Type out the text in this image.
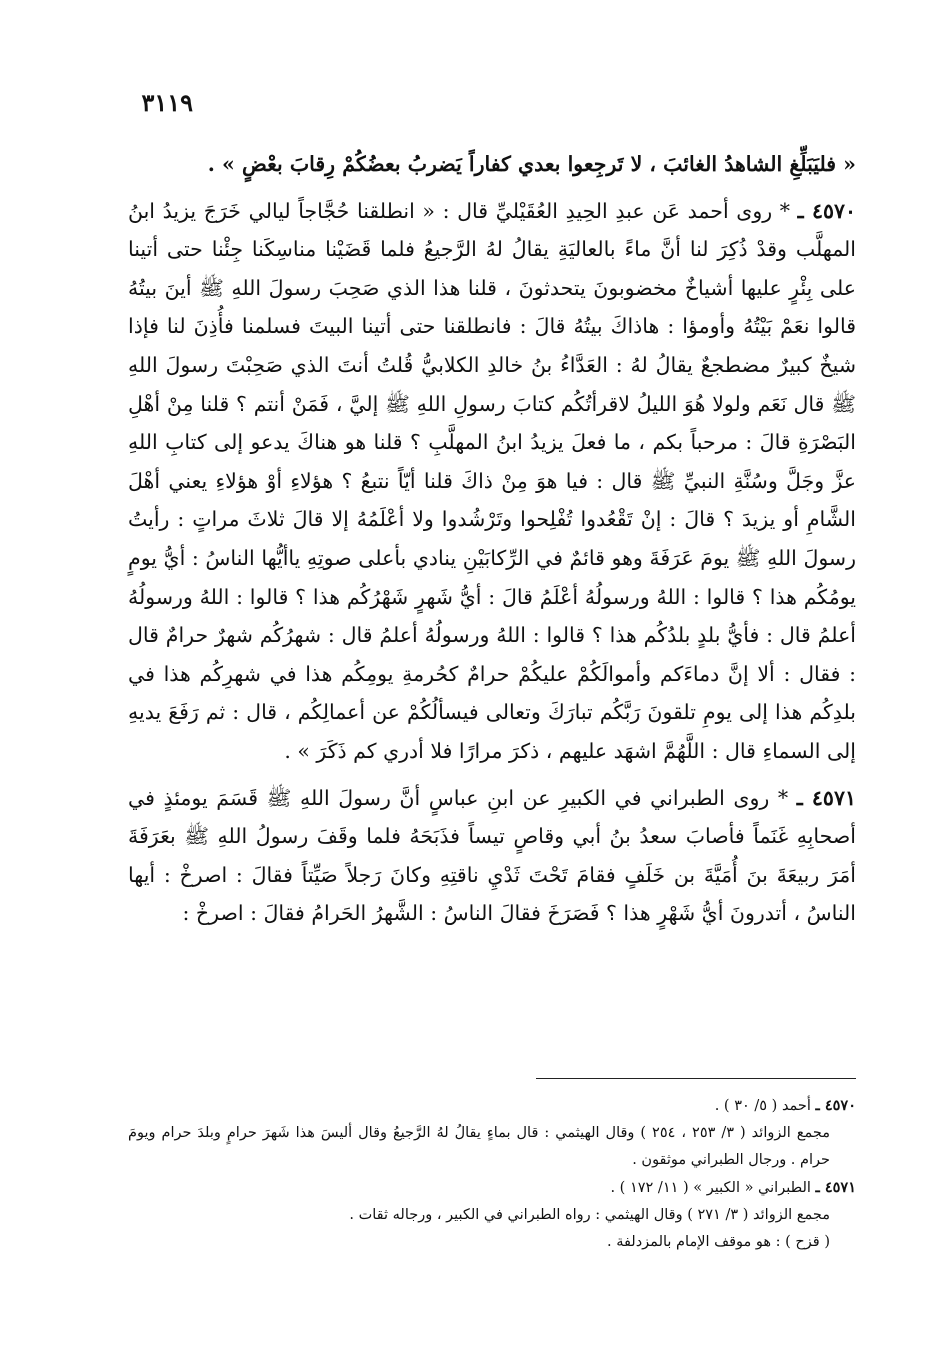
٣١١٩

« فليَبَلِّغِ الشاهدُ الغائبَ ، لا تَرجِعوا بعدي كفاراً يَضربُ بعضُكُمْ رِقابَ بعْضٍ » .

٤٥٧٠ ـ * روى أحمد عَن عبدِ الحِيدِ العُقَيْليِّ قال : « انطلقنا حُجَّاجاً ليالي خَرَجَ يزيدُ ابنُ المهلَّب وقدْ ذُكِرَ لنا أنَّ ماءً بالعاليَةِ يقالُ لهُ الرَّجيعُ فلما قَضَيْنا مناسِكَنا جِئْنا حتى أتينا على بِئْرٍ عليها أشياخٌ مخضوبونَ يتحدثونَ ، قلنا هذا الذي صَحِبَ رسولَ اللهِ ﷺ أينَ بيتُهُ قالوا نعَمْ بَيْتُهُ وأومؤا : هاذاكَ بيتُهُ قالَ : فانطلقنا حتى أتينا البيتَ فسلمنا فأُذِنَ لنا فإذا شيخٌ كبيرٌ مضطجعٌ يقالُ لهُ : العَدَّاءُ بنُ خالدِ الكلابيُّ قُلتُ أنتَ الذي صَحِبْتَ رسولَ اللهِ ﷺ قال نَعَم ولولا هُوَ الليلُ لاقرأتُكُم كتابَ رسولِ اللهِ ﷺ إليَّ ، فَمَنْ أنتم ؟ قلنا مِنْ أهْلِ البَصْرَةِ قالَ : مرحباً بكم ، ما فعلَ يزيدُ ابنُ المهلَّبِ ؟ قلنا هو هناكَ يدعو إلى كتابِ اللهِ عزَّ وجَلَّ وسُنَّةِ النبيِّ ﷺ قال : فيا هوَ مِنْ ذاكَ قلنا أيّاً نتبعُ ؟ هؤلاءِ أوْ هؤلاءِ يعني أهْلَ الشَّامِ أو يزيدَ ؟ قالَ : إنْ تَقْعُدوا تُفْلِحوا وتَرْشُدوا ولا أعْلَمُهُ إلا قالَ ثلاثَ مراتٍ : رأيتُ رسولَ اللهِ ﷺ يومَ عَرَفَةَ وهو قائمٌ في الرِّكابَيْنِ ينادي بأعلى صوتِهِ ياأيُّها الناسُ : أيُّ يومٍ يومُكُم هذا ؟ قالوا : اللهُ ورسولُهُ أعْلَمُ قالَ : أيُّ شَهرٍ شَهْرُكُم هذا ؟ قالوا : اللهُ ورسولُهُ أعلمُ قال : فأيُّ بلدٍ بلدُكُم هذا ؟ قالوا : اللهُ ورسولُهُ أعلمُ قال : شهرُكُم شهرٌ حرامٌ قال : فقال : ألا إنَّ دماءَكم وأموالَكُمْ عليكُمْ حرامٌ كحُرمةِ يومِكُم هذا في شهرِكُم هذا في بلدِكُم هذا إلى يومِ تلقونَ رَبَّكُم تبارَكَ وتعالى فيسألُكُمْ عن أعمالِكُم ، قال : ثم رَفَعَ يديهِ إلى السماءِ قال : اللَّهُمَّ اشهَد عليهم ، ذكرَ مرارًا فلا أدري كم ذَكَرَ » .

٤٥٧١ ـ * روى الطبراني في الكبيرِ عن ابنِ عباسٍ أنَّ رسولَ اللهِ ﷺ قَسَمَ يومئذٍ في أصحابِهِ غَنَماً فأصابَ سعدُ بنُ أبي وقاصٍ تيساً فذَبَحَهُ فلما وقَفَ رسولُ اللهِ ﷺ بعَرَفَةَ أمَرَ ربيعَةَ بنَ أُمَيَّةَ بن خَلَفٍ فقامَ تَحْتَ ثَدْيِ ناقتِهِ وكانَ رَجلاً صَيِّتاً فقالَ : اصرخْ : أيها الناسُ ، أتدرونَ أيُّ شَهْرٍ هذا ؟ فَصَرَخَ فقالَ الناسُ : الشَّهرُ الحَرامُ فقالَ : اصرخْ :

٤٥٧٠ ـ أحمد ( ٥/ ٣٠ ) .

مجمع الزوائد ( ٣/ ٢٥٣ ، ٢٥٤ ) وقال الهيثمي : قال بماءٍ يقالُ لهُ الرَّجيعُ وقال أليسَ هذا شَهرَ حرامٍ وبلدَ حرام ويومَ حرام . ورجال الطبراني موثقون .

٤٥٧١ ـ الطبراني « الكبير » ( ١١/ ١٧٢ ) .

مجمع الزوائد ( ٣/ ٢٧١ ) وقال الهيثمي : رواه الطبراني في الكبير ، ورجاله ثقات .

( قزح ) : هو موقف الإمام بالمزدلفة .
